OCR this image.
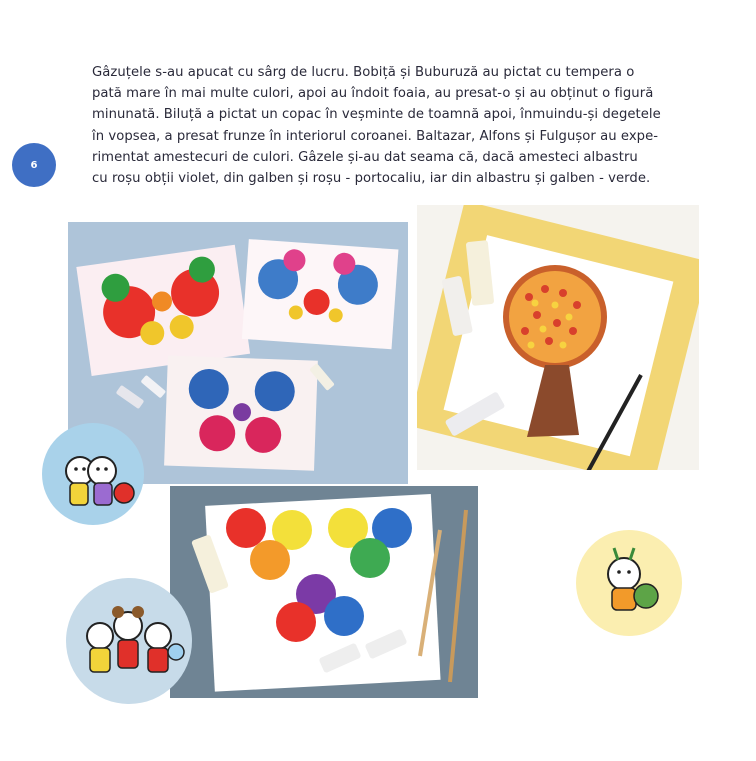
Gâzuțele s-au apucat cu sârg de lucru. Bobiță și Buburuză au pictat cu tempera o
pată mare în mai multe culori, apoi au îndoit foaia, au presat-o și au obținut o figură
minunată. Biluță a pictat un copac în veșminte de toamnă apoi, înmuindu-și degetele
în vopsea, a presat frunze în interiorul coroanei. Baltazar, Alfons și Fulgușor au expe-
rimentat amestecuri de culori. Gâzele și-au dat seama că, dacă amesteci albastru
cu roșu obții violet, din galben și roșu - portocaliu, iar din albastru și galben - verde.
6
